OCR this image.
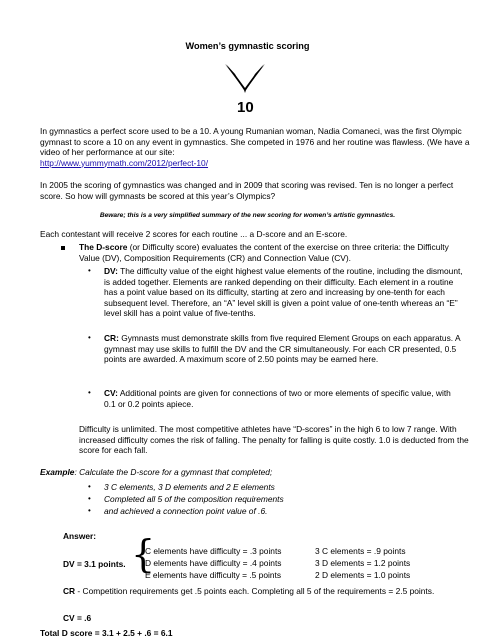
Women’s gymnastic scoring
10

In gymnastics a perfect score used to be a 10. A young Rumanian woman, Nadia Comaneci, was the first Olympic gymnast to score a 10 on any event in gymnastics. She competed in 1976 and her routine was flawless. (We have a video of her performance at our site:
http://www.yummymath.com/2012/perfect-10/

In 2005 the scoring of gymnastics was changed and in 2009 that scoring was revised. Ten is no longer a perfect score. So how will gymnasts be scored at this year’s Olympics?

Beware; this is a very simplified summary of the new scoring for women’s artistic gymnastics.

Each contestant will receive 2 scores for each routine ... a D-score and an E-score.

The D-score (or Difficulty score) evaluates the content of the exercise on three criteria: the Difficulty Value (DV), Composition Requirements (CR) and Connection Value (CV).

• DV: The difficulty value of the eight highest value elements of the routine, including the dismount, is added together. Elements are ranked depending on their difficulty. Each element in a routine has a point value based on its difficulty, starting at zero and increasing by one-tenth for each subsequent level. Therefore, an “A” level skill is given a point value of one-tenth whereas an “E” level skill has a point value of five-tenths.

• CR: Gymnasts must demonstrate skills from five required Element Groups on each apparatus. A gymnast may use skills to fulfill the DV and the CR simultaneously. For each CR presented, 0.5 points are awarded. A maximum score of 2.50 points may be earned here.

• CV: Additional points are given for connections of two or more elements of specific value, with 0.1 or 0.2 points apiece.

Difficulty is unlimited. The most competitive athletes have “D-scores” in the high 6 to low 7 range. With increased difficulty comes the risk of falling. The penalty for falling is quite costly. 1.0 is deducted from the score for each fall.

Example: Calculate the D-score for a gymnast that completed;

• 3 C elements, 3 D elements and 2 E elements
• Completed all 5 of the composition requirements
• and achieved a connection point value of .6.
Answer:
DV = 3.1 points. {
C elements have difficulty = .3 points
D elements have difficulty = .4 points
E elements have difficulty = .5 points
3 C elements = .9 points
3 D elements = 1.2 points
2 D elements = 1.0 points

CR - Competition requirements get .5 points each. Completing all 5 of the requirements = 2.5 points.

CV = .6
Total D score = 3.1 + 2.5 + .6 = 6.1
